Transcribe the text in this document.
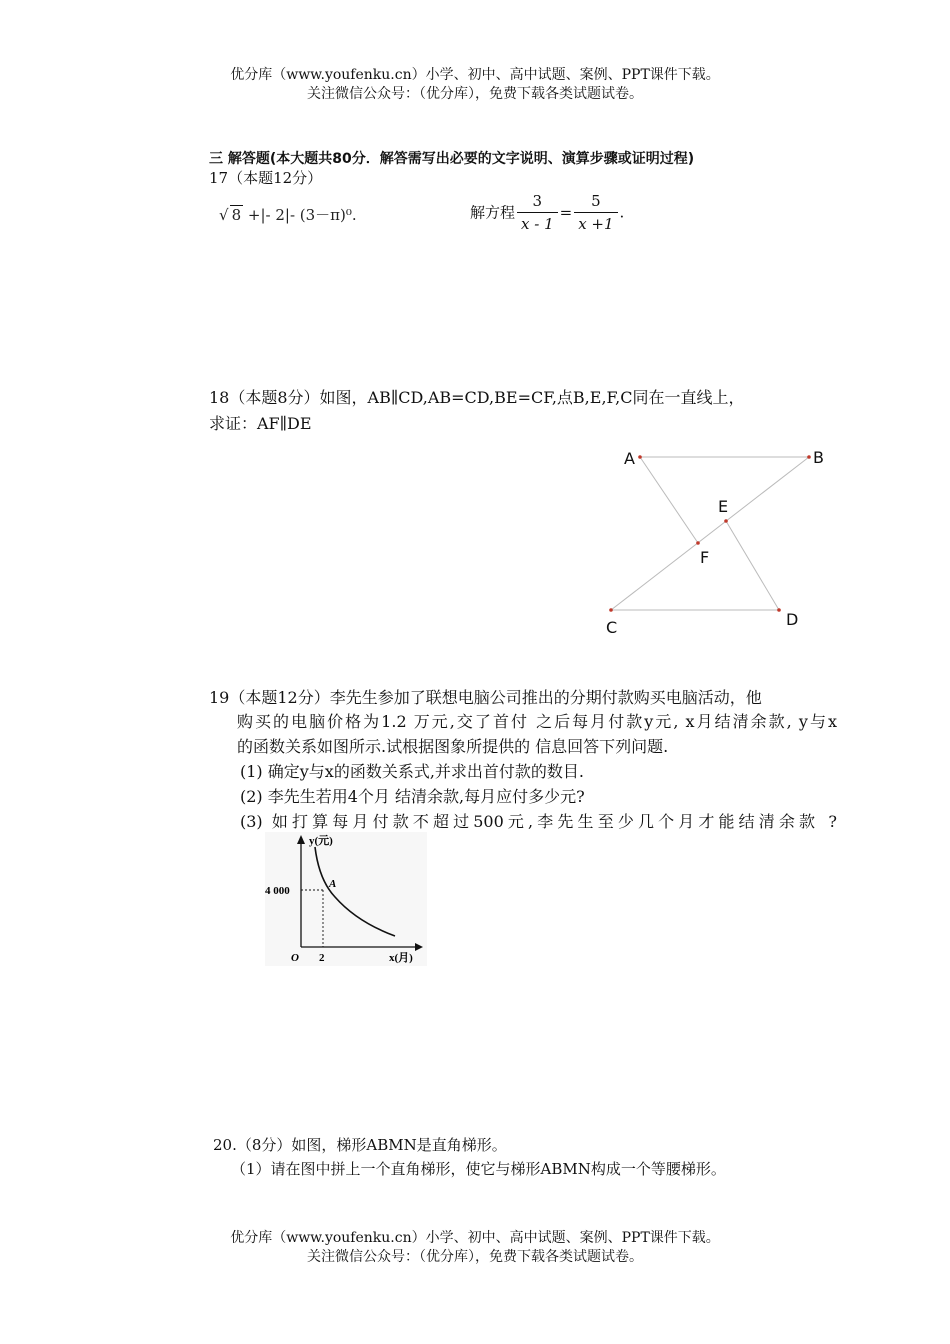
优分库（www.youfenku.cn）小学、初中、高中试题、案例、PPT课件下载。
关注微信公众号：（优分库），免费下载各类试题试卷。
三 解答题(本大题共80分．解答需写出必要的文字说明、演算步骤或证明过程)
17（本题12分）
√ 8 +|- 2|- (3－π)⁰.	解方程 $\frac{3}{x - 1} = \frac{5}{x +1}$ .
18（本题8分）如图，AB∥CD,AB=CD,BE=CF,点B,E,F,C同在一直线上，
求证：AF∥DE
A	B
E
F
C	D
19（本题12分）李先生参加了联想电脑公司推出的分期付款购买电脑活动，他
购买的电脑价格为1.2 万元,交了首付 之后每月付款y元, x月结清余款, y与x
的函数关系如图所示.试根据图象所提供的 信息回答下列问题.
(1) 确定y与x的函数关系式,并求出首付款的数目.
(2) 李先生若用4个月 结清余款,每月应付多少元?
(3) 如打算每月付款不超过500元,李先生至少几个月才能结清余款 ?
y(元)
4 000
A
O 2	x(月)
20.（8分）如图，梯形ABMN是直角梯形。
（1）请在图中拼上一个直角梯形，使它与梯形ABMN构成一个等腰梯形。
优分库（www.youfenku.cn）小学、初中、高中试题、案例、PPT课件下载。
关注微信公众号：（优分库），免费下载各类试题试卷。
